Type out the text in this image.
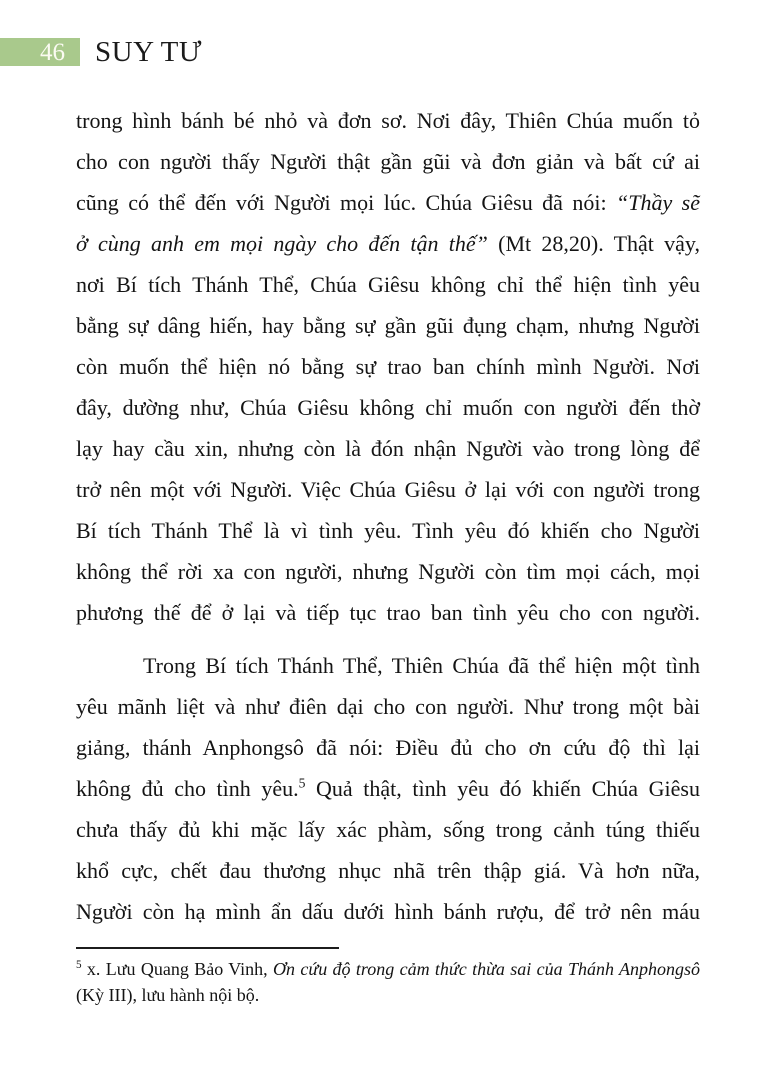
46 SUY TƯ
trong hình bánh bé nhỏ và đơn sơ. Nơi đây, Thiên Chúa muốn tỏ
cho con người thấy Người thật gần gũi và đơn giản và bất cứ ai
cũng có thể đến với Người mọi lúc. Chúa Giêsu đã nói: “Thầy sẽ
ở cùng anh em mọi ngày cho đến tận thế” (Mt 28,20). Thật vậy,
nơi Bí tích Thánh Thể, Chúa Giêsu không chỉ thể hiện tình yêu
bằng sự dâng hiến, hay bằng sự gần gũi đụng chạm, nhưng Người
còn muốn thể hiện nó bằng sự trao ban chính mình Người. Nơi
đây, dường như, Chúa Giêsu không chỉ muốn con người đến thờ
lạy hay cầu xin, nhưng còn là đón nhận Người vào trong lòng để
trở nên một với Người. Việc Chúa Giêsu ở lại với con người trong
Bí tích Thánh Thể là vì tình yêu. Tình yêu đó khiến cho Người
không thể rời xa con người, nhưng Người còn tìm mọi cách, mọi
phương thế để ở lại và tiếp tục trao ban tình yêu cho con người.
Trong Bí tích Thánh Thể, Thiên Chúa đã thể hiện một tình
yêu mãnh liệt và như điên dại cho con người. Như trong một bài
giảng, thánh Anphongsô đã nói: Điều đủ cho ơn cứu độ thì lại
không đủ cho tình yêu.$^5$ Quả thật, tình yêu đó khiến Chúa Giêsu
chưa thấy đủ khi mặc lấy xác phàm, sống trong cảnh túng thiếu
khổ cực, chết đau thương nhục nhã trên thập giá. Và hơn nữa,
Người còn hạ mình ẩn dấu dưới hình bánh rượu, để trở nên máu
$^5$ x. Lưu Quang Bảo Vinh, Ơn cứu độ trong cảm thức thừa sai của Thánh Anphongsô
(Kỳ III), lưu hành nội bộ.
